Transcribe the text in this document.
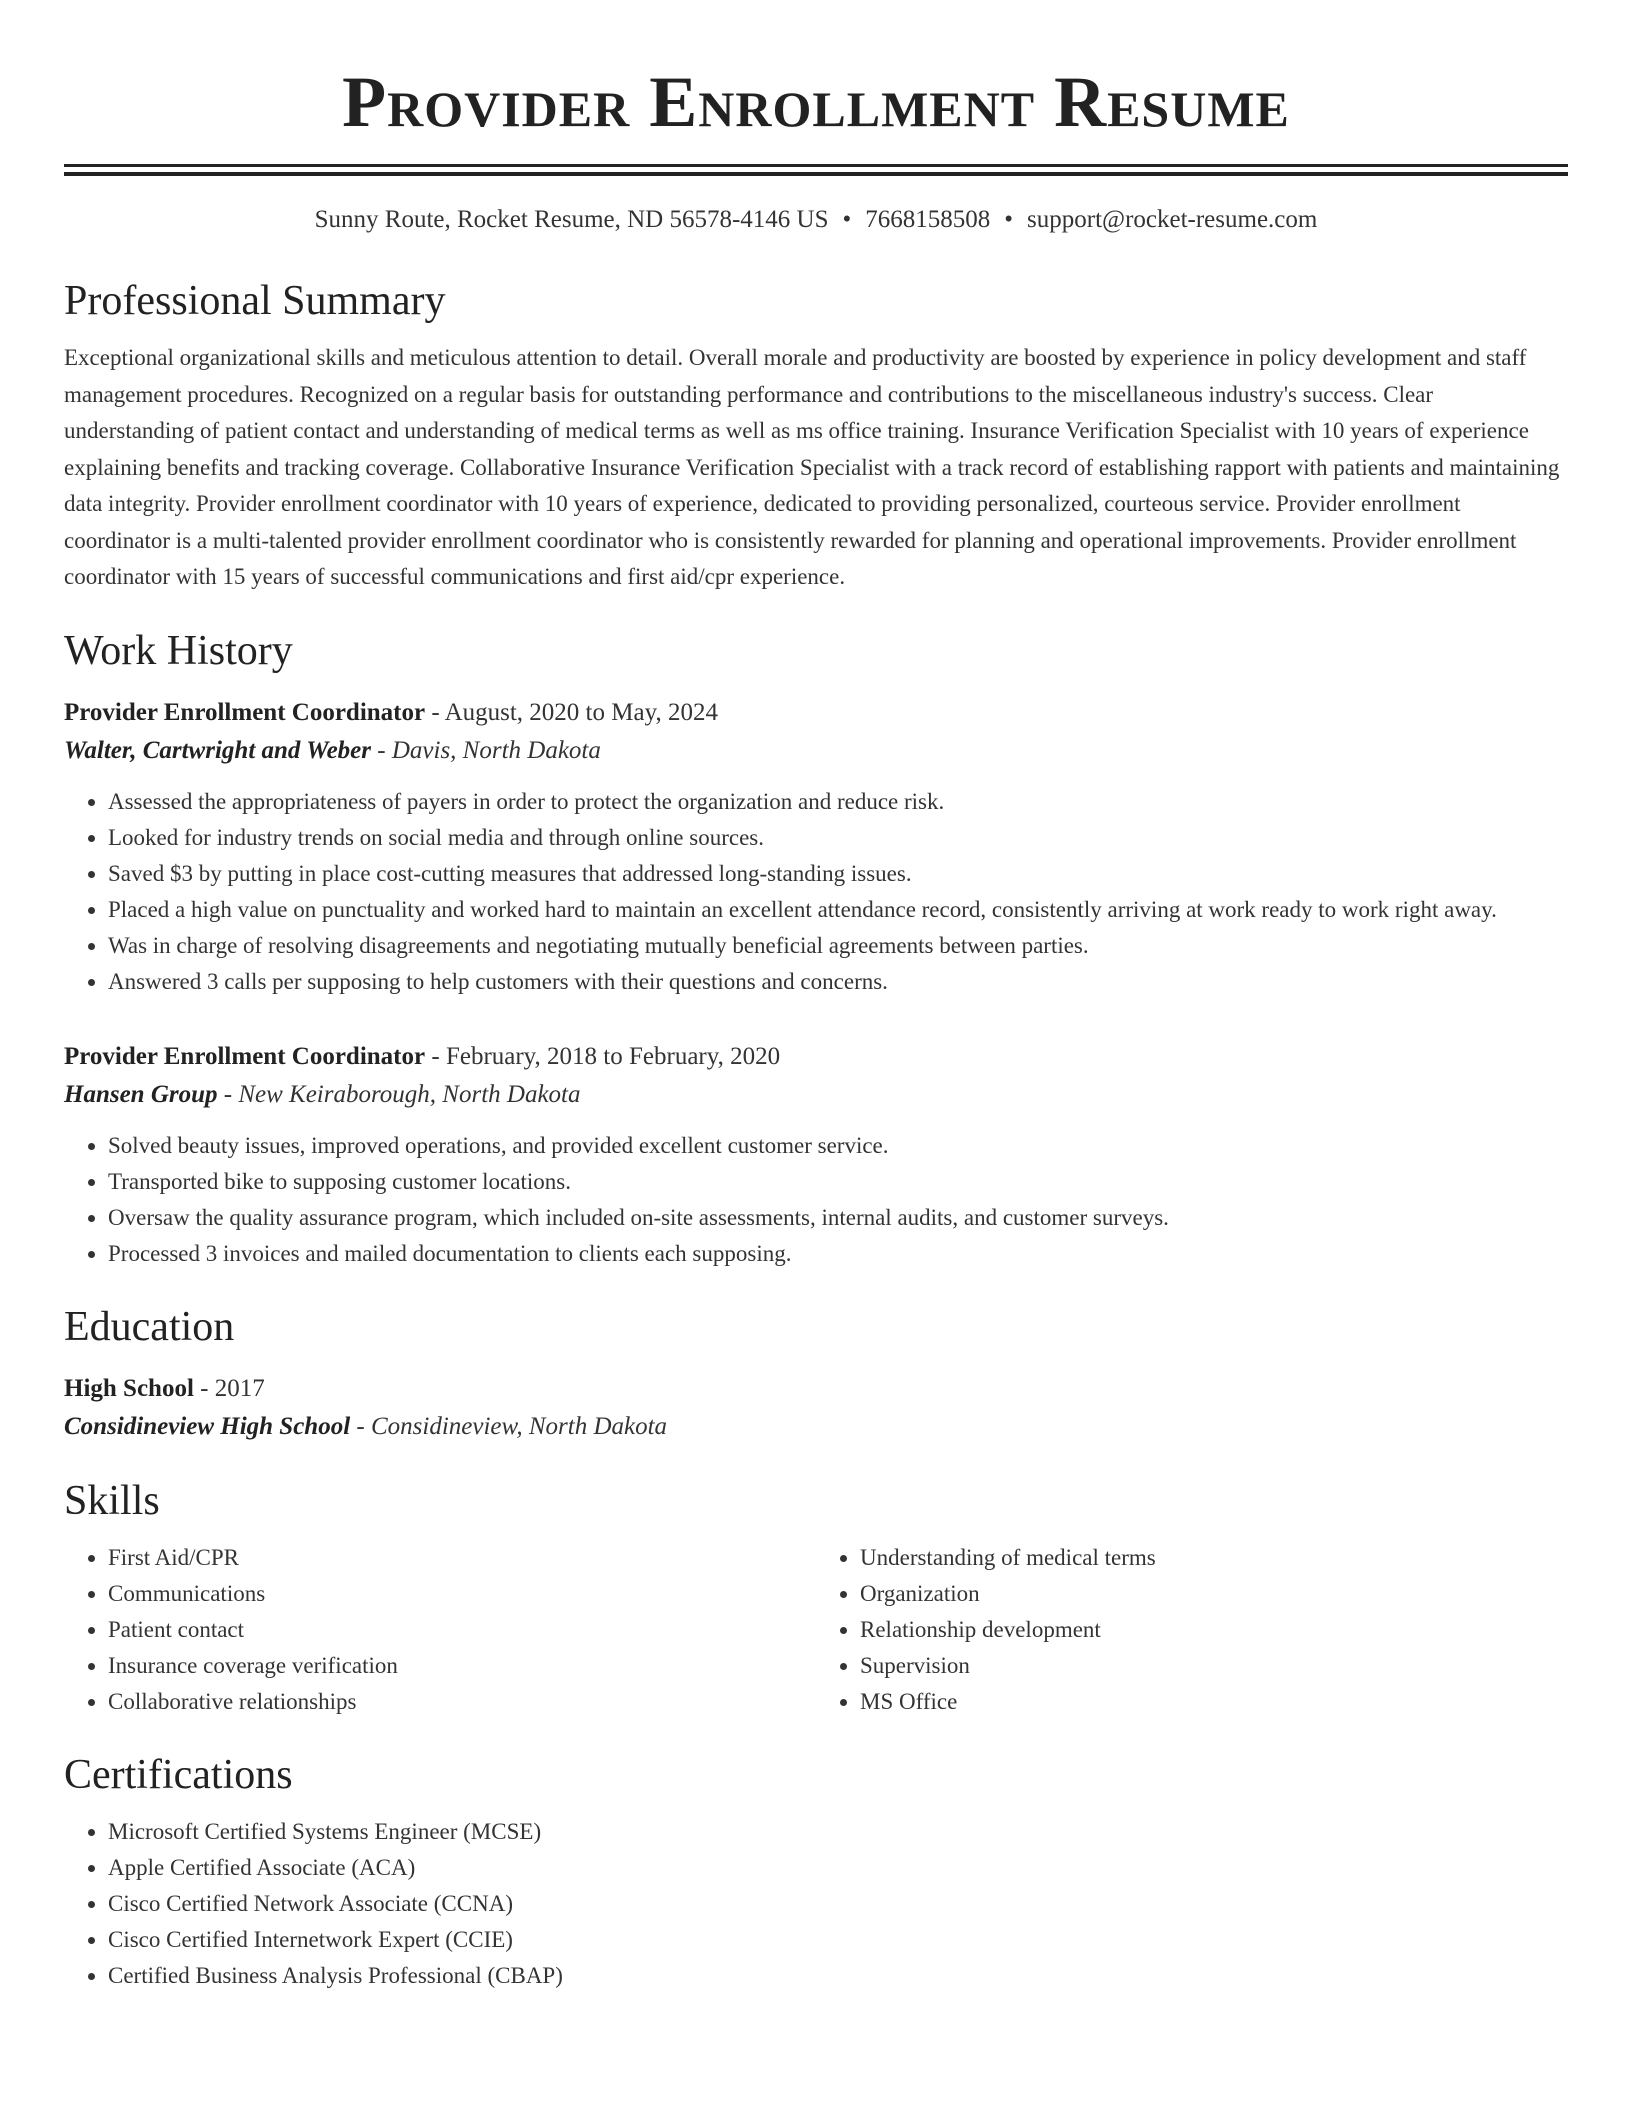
Provider Enrollment Resume
Sunny Route, Rocket Resume, ND 56578-4146 US • 7668158508 • support@rocket-resume.com
Professional Summary

Exceptional organizational skills and meticulous attention to detail. Overall morale and productivity are boosted by experience in policy development and staff management procedures. Recognized on a regular basis for outstanding performance and contributions to the miscellaneous industry's success. Clear understanding of patient contact and understanding of medical terms as well as ms office training. Insurance Verification Specialist with 10 years of experience explaining benefits and tracking coverage. Collaborative Insurance Verification Specialist with a track record of establishing rapport with patients and maintaining data integrity. Provider enrollment coordinator with 10 years of experience, dedicated to providing personalized, courteous service. Provider enrollment coordinator is a multi-talented provider enrollment coordinator who is consistently rewarded for planning and operational improvements. Provider enrollment coordinator with 15 years of successful communications and first aid/cpr experience.

Work History
Provider Enrollment Coordinator - August, 2020 to May, 2024
Walter, Cartwright and Weber - Davis, North Dakota
• Assessed the appropriateness of payers in order to protect the organization and reduce risk.
• Looked for industry trends on social media and through online sources.
• Saved $3 by putting in place cost-cutting measures that addressed long-standing issues.
• Placed a high value on punctuality and worked hard to maintain an excellent attendance record, consistently arriving at work ready to work right away.
• Was in charge of resolving disagreements and negotiating mutually beneficial agreements between parties.
• Answered 3 calls per supposing to help customers with their questions and concerns.
Provider Enrollment Coordinator - February, 2018 to February, 2020
Hansen Group - New Keiraborough, North Dakota
• Solved beauty issues, improved operations, and provided excellent customer service.
• Transported bike to supposing customer locations.
• Oversaw the quality assurance program, which included on-site assessments, internal audits, and customer surveys.
• Processed 3 invoices and mailed documentation to clients each supposing.
Education
High School - 2017
Considineview High School - Considineview, North Dakota
Skills
• First Aid/CPR
• Communications
• Patient contact
• Insurance coverage verification
• Collaborative relationships
• Understanding of medical terms
• Organization
• Relationship development
• Supervision
• MS Office
Certifications
• Microsoft Certified Systems Engineer (MCSE)
• Apple Certified Associate (ACA)
• Cisco Certified Network Associate (CCNA)
• Cisco Certified Internetwork Expert (CCIE)
• Certified Business Analysis Professional (CBAP)
